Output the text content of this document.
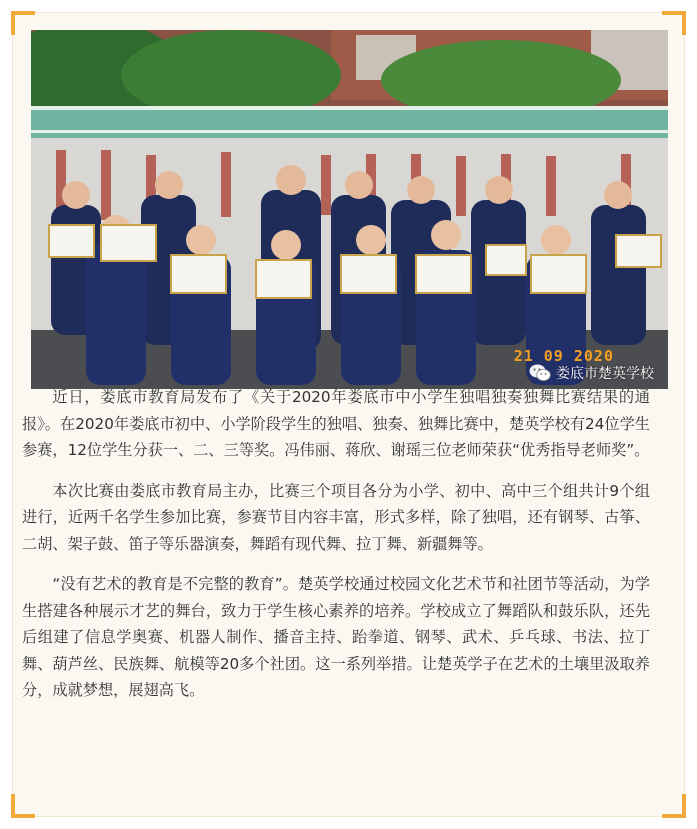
21 09 2020
娄底市楚英学校

近日，娄底市教育局发布了《关于2020年娄底市中小学生独唱独奏独舞比赛结果的通报》。在2020年娄底市初中、小学阶段学生的独唱、独奏、独舞比赛中，楚英学校有24位学生参赛，12位学生分获一、二、三等奖。冯伟丽、蒋欣、谢瑶三位老师荣获“优秀指导老师奖”。

本次比赛由娄底市教育局主办，比赛三个项目各分为小学、初中、高中三个组共计9个组进行，近两千名学生参加比赛，参赛节目内容丰富，形式多样，除了独唱，还有钢琴、古筝、二胡、架子鼓、笛子等乐器演奏，舞蹈有现代舞、拉丁舞、新疆舞等。

“没有艺术的教育是不完整的教育”。楚英学校通过校园文化艺术节和社团节等活动，为学生搭建各种展示才艺的舞台，致力于学生核心素养的培养。学校成立了舞蹈队和鼓乐队，还先后组建了信息学奥赛、机器人制作、播音主持、跆拳道、钢琴、武术、乒乓球、书法、拉丁舞、葫芦丝、民族舞、航模等20多个社团。这一系列举措。让楚英学子在艺术的土壤里汲取养分，成就梦想，展翅高飞。
